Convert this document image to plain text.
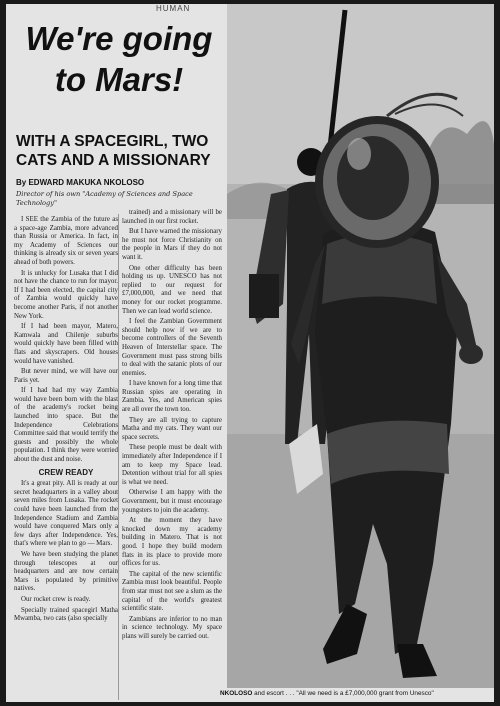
HUMAN
We're going
to Mars!
WITH A SPACEGIRL, TWO CATS AND A MISSIONARY
By EDWARD MAKUKA NKOLOSO
Director of his own "Academy of Sciences and Space Technology"

I SEE the Zambia of the future as a space-age Zambia, more advanced than Russia or America. In fact, in my Academy of Sciences our thinking is already six or seven years ahead of both powers.

It is unlucky for Lusaka that I did not have the chance to run for mayor. If I had been elected, the capital city of Zambia would quickly have become another Paris, if not another New York.

If I had been mayor, Matero, Kamwala and Chilenje suburbs would quickly have been filled with flats and skyscrapers. Old houses would have vanished.

But never mind, we will have our Paris yet.

If I had had my way Zambia would have been born with the blast of the academy's rocket being launched into space. But the Independence Celebrations Committee said that would terrify the guests and possibly the whole population. I think they were worried about the dust and noise.

CREW READY

It's a great pity. All is ready at our secret headquarters in a valley about seven miles from Lusaka. The rocket could have been launched from the Independence Stadium and Zambia would have conquered Mars only a few days after Independence. Yes, that's where we plan to go — Mars.

We have been studying the planet through telescopes at our headquarters and are now certain Mars is populated by primitive natives.

Our rocket crew is ready.

Specially trained spacegirl Matha Mwamba, two cats (also specially

trained) and a missionary will be launched in our first rocket.

But I have warned the missionary he must not force Christianity on the people in Mars if they do not want it.

One other difficulty has been holding us up. UNESCO has not replied to our request for £7,000,000, and we need that money for our rocket programme. Then we can lead world science.

I feel the Zambian Government should help now if we are to become controllers of the Seventh Heaven of Interstellar space. The Government must pass strong bills to deal with the satanic plots of our enemies.

I have known for a long time that Russian spies are operating in Zambia. Yes, and American spies are all over the town too.

They are all trying to capture Matha and my cats. They want our space secrets.

These people must be dealt with immediately after Independence if I am to keep my Space lead. Detention without trial for all spies is what we need.

Otherwise I am happy with the Government, but it must encourage youngsters to join the academy.

At the moment they have knocked down my academy building in Matero. That is not good. I hope they build modern flats in its place to provide more offices for us.

The capital of the new scientific Zambia must look beautiful. People from star must not see a slum as the capital of the world's greatest scientific state.

Zambians are inferior to no man in science technology. My space plans will surely be carried out.

NKOLOSO and escort . . . "All we need is a £7,000,000 grant from Unesco"
